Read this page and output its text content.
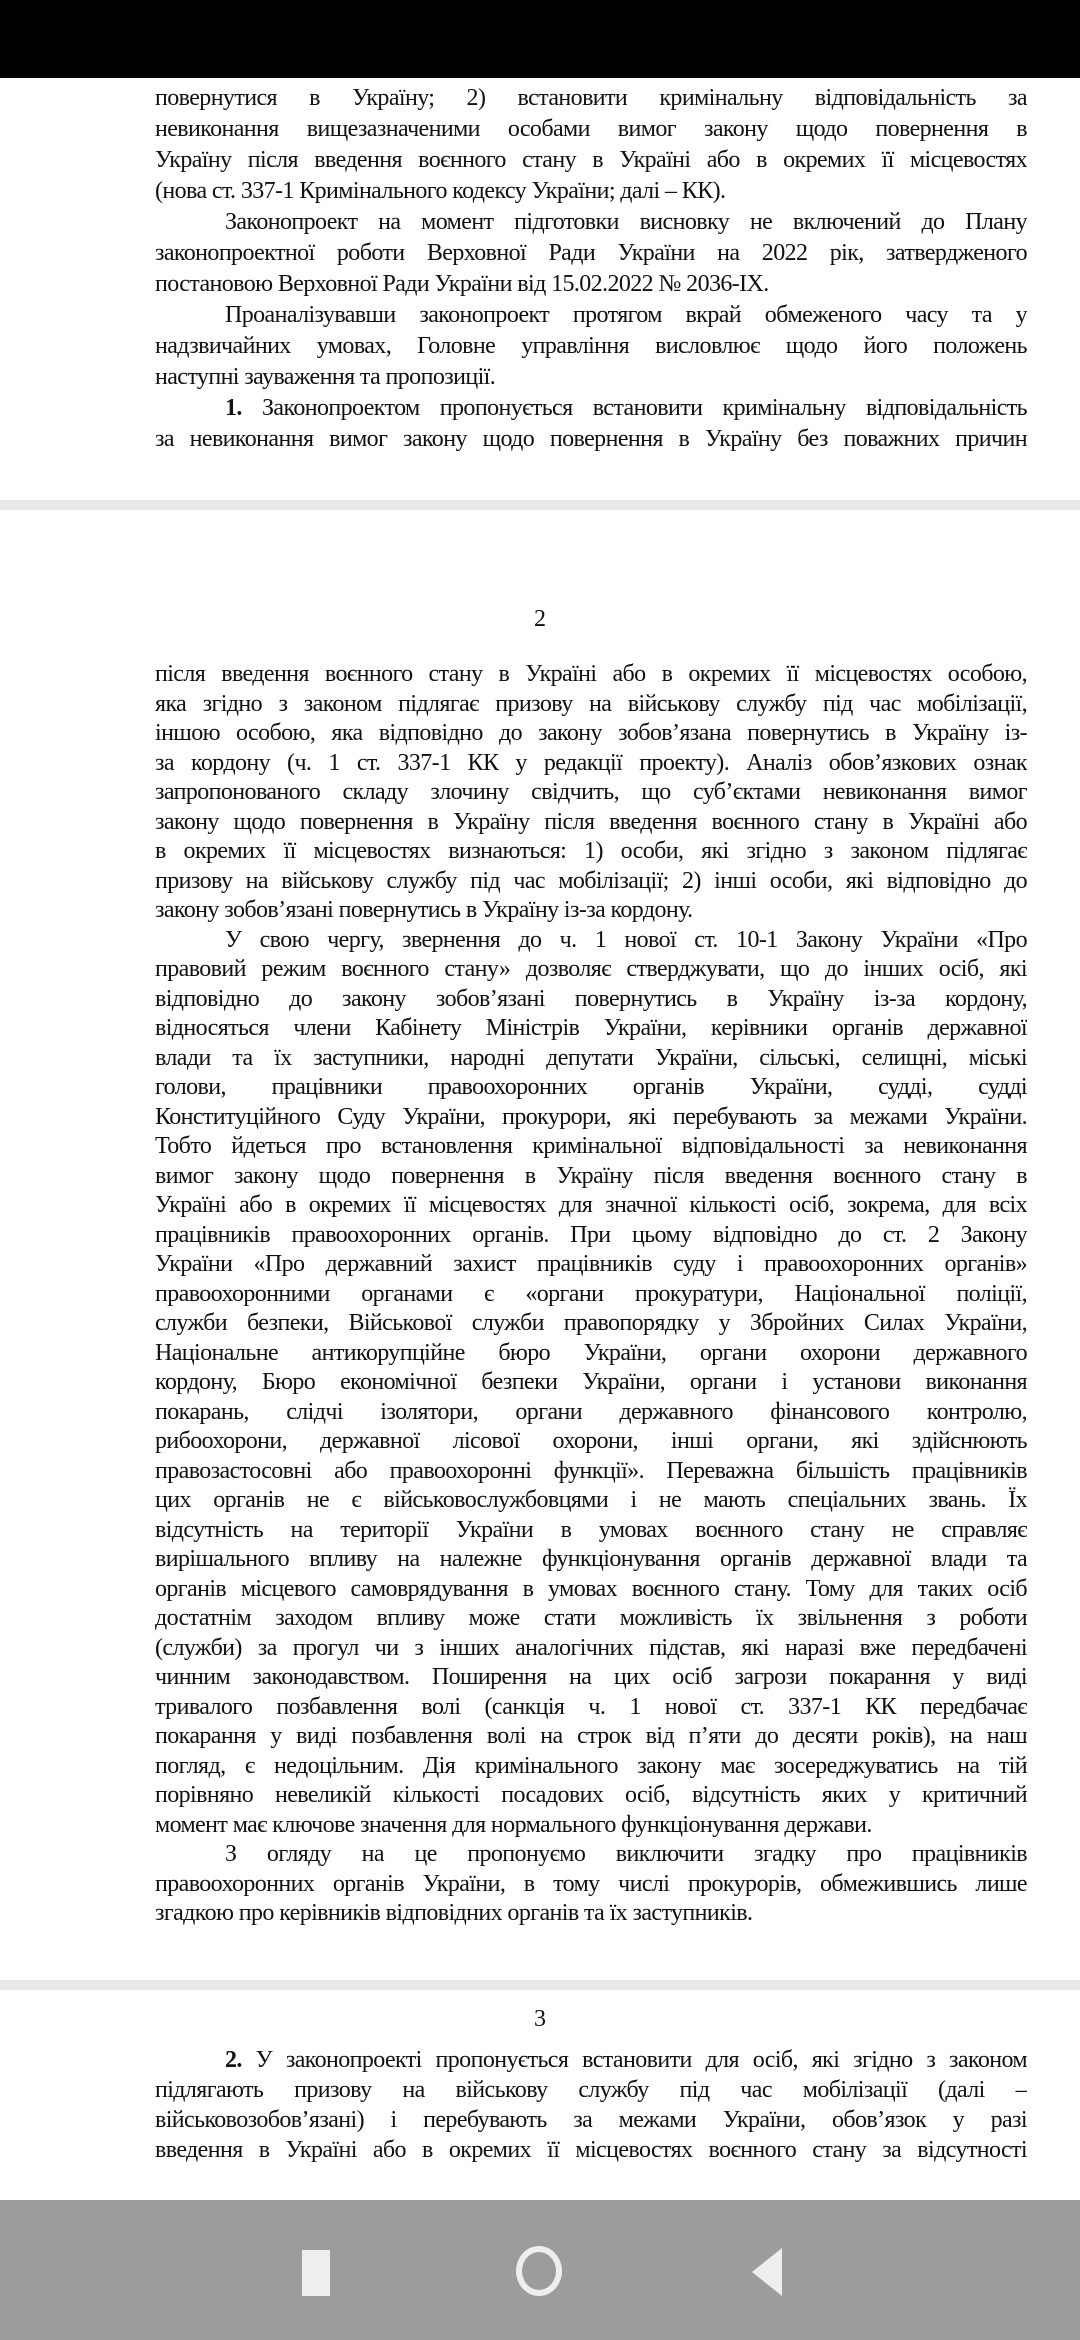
повернутися в Україну; 2) встановити кримінальну відповідальність за
невиконання вищезазначеними особами вимог закону щодо повернення в
Україну після введення воєнного стану в Україні або в окремих її місцевостях
(нова ст. 337-1 Кримінального кодексу України; далі – КК).
Законопроект на момент підготовки висновку не включений до Плану
законопроектної роботи Верховної Ради України на 2022 рік, затвердженого
постановою Верховної Ради України від 15.02.2022 № 2036-IX.
Проаналізувавши законопроект протягом вкрай обмеженого часу та у
надзвичайних умовах, Головне управління висловлює щодо його положень
наступні зауваження та пропозиції.
1. Законопроектом пропонується встановити кримінальну відповідальність
за невиконання вимог закону щодо повернення в Україну без поважних причин
2
після введення воєнного стану в Україні або в окремих її місцевостях особою,
яка згідно з законом підлягає призову на військову службу під час мобілізації,
іншою особою, яка відповідно до закону зобов’язана повернутись в Україну із-
за кордону (ч. 1 ст. 337-1 КК у редакції проекту). Аналіз обов’язкових ознак
запропонованого складу злочину свідчить, що суб’єктами невиконання вимог
закону щодо повернення в Україну після введення воєнного стану в Україні або
в окремих її місцевостях визнаються: 1) особи, які згідно з законом підлягає
призову на військову службу під час мобілізації; 2) інші особи, які відповідно до
закону зобов’язані повернутись в Україну із-за кордону.
У свою чергу, звернення до ч. 1 нової ст. 10-1 Закону України «Про
правовий режим воєнного стану» дозволяє стверджувати, що до інших осіб, які
відповідно до закону зобов’язані повернутись в Україну із-за кордону,
відносяться члени Кабінету Міністрів України, керівники органів державної
влади та їх заступники, народні депутати України, сільські, селищні, міські
голови, працівники правоохоронних органів України, судді, судді
Конституційного Суду України, прокурори, які перебувають за межами України.
Тобто йдеться про встановлення кримінальної відповідальності за невиконання
вимог закону щодо повернення в Україну після введення воєнного стану в
Україні або в окремих її місцевостях для значної кількості осіб, зокрема, для всіх
працівників правоохоронних органів. При цьому відповідно до ст. 2 Закону
України «Про державний захист працівників суду і правоохоронних органів»
правоохоронними органами є «органи прокуратури, Національної поліції,
служби безпеки, Військової служби правопорядку у Збройних Силах України,
Національне антикорупційне бюро України, органи охорони державного
кордону, Бюро економічної безпеки України, органи і установи виконання
покарань, слідчі ізолятори, органи державного фінансового контролю,
рибоохорони, державної лісової охорони, інші органи, які здійснюють
правозастосовні або правоохоронні функції». Переважна більшість працівників
цих органів не є військовослужбовцями і не мають спеціальних звань. Їх
відсутність на території України в умовах воєнного стану не справляє
вирішального впливу на належне функціонування органів державної влади та
органів місцевого самоврядування в умовах воєнного стану. Тому для таких осіб
достатнім заходом впливу може стати можливість їх звільнення з роботи
(служби) за прогул чи з інших аналогічних підстав, які наразі вже передбачені
чинним законодавством. Поширення на цих осіб загрози покарання у виді
тривалого позбавлення волі (санкція ч. 1 нової ст. 337-1 КК передбачає
покарання у виді позбавлення волі на строк від п’яти до десяти років), на наш
погляд, є недоцільним. Дія кримінального закону має зосереджуватись на тій
порівняно невеликій кількості посадових осіб, відсутність яких у критичний
момент має ключове значення для нормального функціонування держави.
З огляду на це пропонуємо виключити згадку про працівників
правоохоронних органів України, в тому числі прокурорів, обмежившись лише
згадкою про керівників відповідних органів та їх заступників.
3
2. У законопроекті пропонується встановити для осіб, які згідно з законом
підлягають призову на військову службу під час мобілізації (далі –
військовозобов’язані) і перебувають за межами України, обов’язок у разі
введення в Україні або в окремих її місцевостях воєнного стану за відсутності
